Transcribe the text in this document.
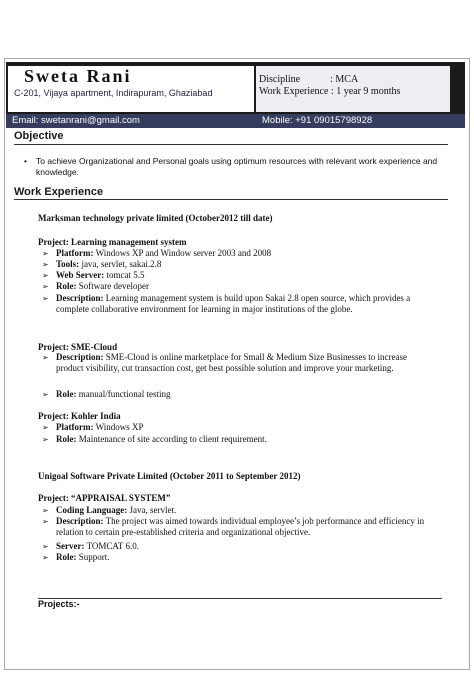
Sweta Rani
C-201, Vijaya apartment, Indirapuram, Ghaziabad
Discipline            : MCA
Work Experience : 1 year 9 months
Email: swetanrani@gmail.com	Mobile: +91 09015798928
Objective
• To achieve Organizational and Personal goals using optimum resources with relevant work experience and knowledge.
Work Experience
Marksman technology private limited (October2012 till date)
Project: Learning management system
➢ Platform: Windows XP and Window server 2003 and 2008
➢ Tools: java, servlet, sakai.2.8
➢ Web Server: tomcat 5.5
➢ Role: Software developer
➢ Description: Learning management system is build upon Sakai 2.8 open source, which provides a complete collaborative environment for learning in major institutions of the globe.
Project: SME-Cloud
➢ Description: SME-Cloud is online marketplace for Small & Medium Size Businesses to increase product visibility, cut transaction cost, get best possible solution and improve your marketing.
➢ Role: manual/functional testing
Project: Kohler India
➢ Platform: Windows XP
➢ Role: Maintenance of site according to client requirement.
Unigoal Software Private Limited (October 2011 to September 2012)
Project: “APPRAISAL SYSTEM”
➢ Coding Language: Java, servlet.
➢ Description: The project was aimed towards individual employee’s job performance and efficiency in relation to certain pre-established criteria and organizational objective.
➢ Server: TOMCAT 6.0.
➢ Role: Support.
Projects:-
